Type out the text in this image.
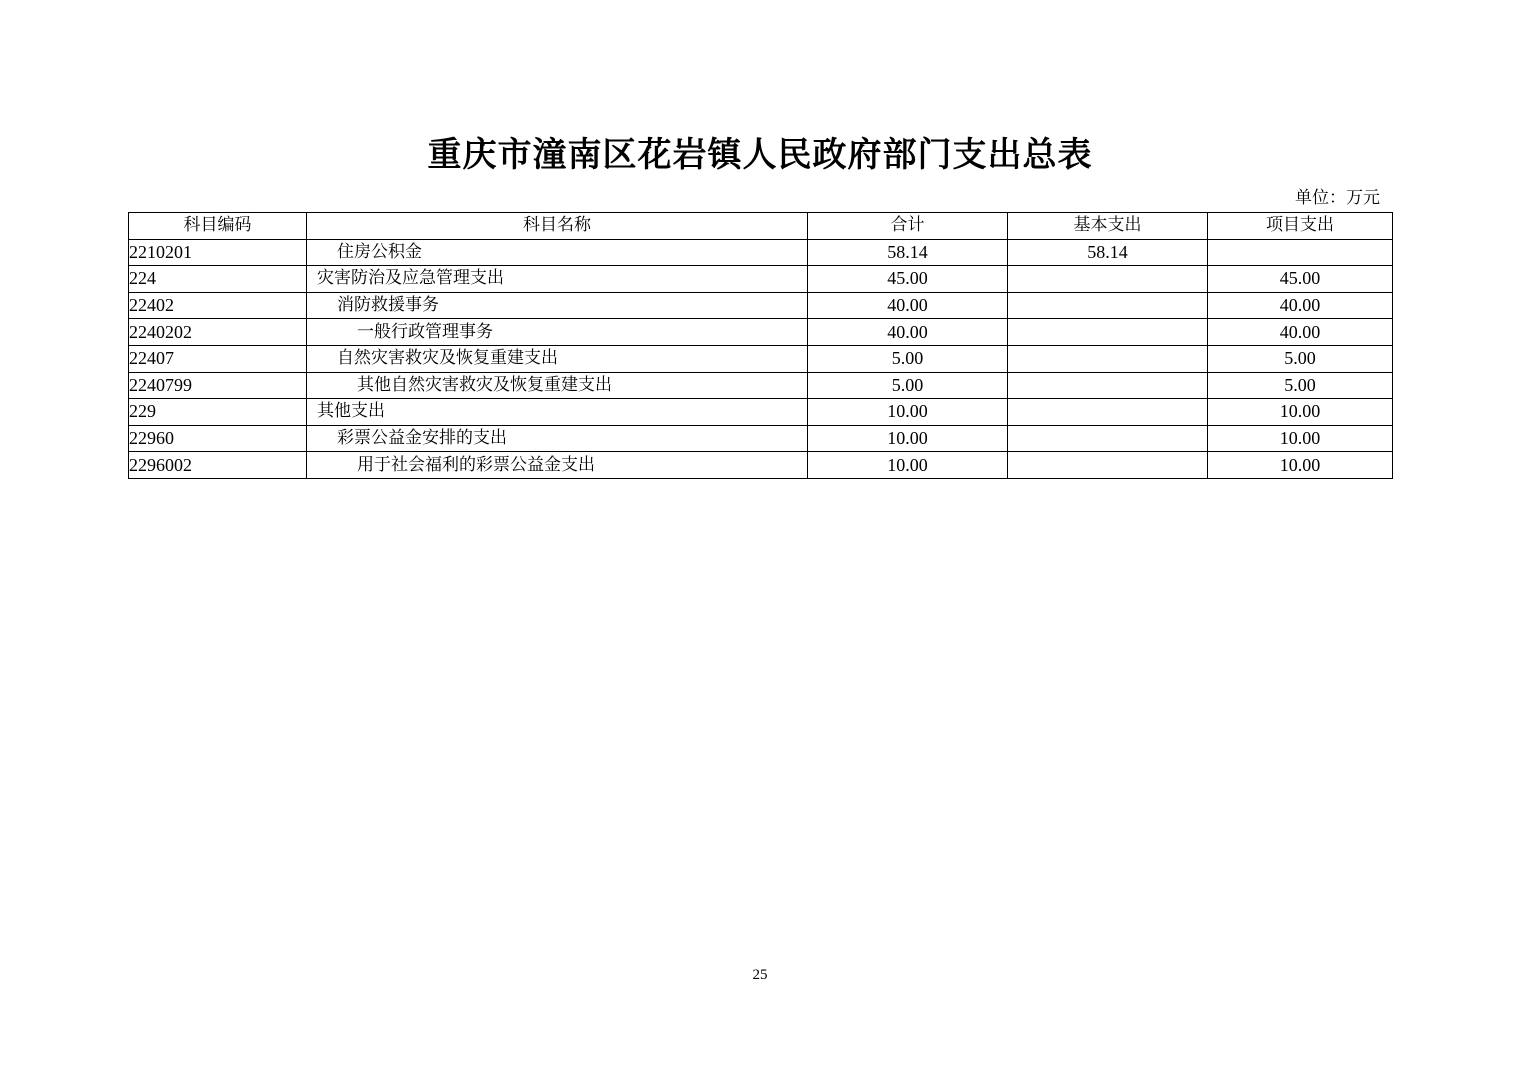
重庆市潼南区花岩镇人民政府部门支出总表
单位：万元
科目编码	科目名称	合计	基本支出	项目支出
2210201	住房公积金	58.14	58.14	
224	灾害防治及应急管理支出	45.00		45.00
22402	消防救援事务	40.00		40.00
2240202	一般行政管理事务	40.00		40.00
22407	自然灾害救灾及恢复重建支出	5.00		5.00
2240799	其他自然灾害救灾及恢复重建支出	5.00		5.00
229	其他支出	10.00		10.00
22960	彩票公益金安排的支出	10.00		10.00
2296002	用于社会福利的彩票公益金支出	10.00		10.00
25
